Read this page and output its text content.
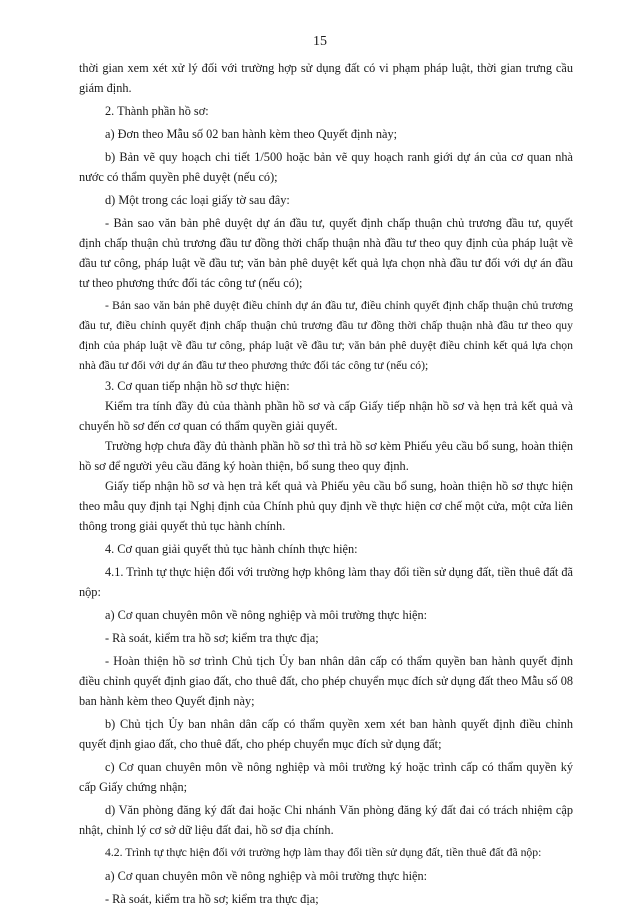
15

thời gian xem xét xử lý đối với trường hợp sử dụng đất có vi phạm pháp luật, thời gian trưng cầu giám định.

2. Thành phần hồ sơ:

a) Đơn theo Mẫu số 02 ban hành kèm theo Quyết định này;

b) Bản vẽ quy hoạch chi tiết 1/500 hoặc bản vẽ quy hoạch ranh giới dự án của cơ quan nhà nước có thẩm quyền phê duyệt (nếu có);

d) Một trong các loại giấy tờ sau đây:

- Bản sao văn bản phê duyệt dự án đầu tư, quyết định chấp thuận chủ trương đầu tư, quyết định chấp thuận chủ trương đầu tư đồng thời chấp thuận nhà đầu tư theo quy định của pháp luật về đầu tư công, pháp luật về đầu tư; văn bản phê duyệt kết quả lựa chọn nhà đầu tư đối với dự án đầu tư theo phương thức đối tác công tư (nếu có);

- Bản sao văn bản phê duyệt điều chỉnh dự án đầu tư, điều chỉnh quyết định chấp thuận chủ trương đầu tư, điều chỉnh quyết định chấp thuận chủ trương đầu tư đồng thời chấp thuận nhà đầu tư theo quy định của pháp luật về đầu tư công, pháp luật về đầu tư; văn bản phê duyệt điều chỉnh kết quả lựa chọn nhà đầu tư đối với dự án đầu tư theo phương thức đối tác công tư (nếu có);

3. Cơ quan tiếp nhận hồ sơ thực hiện:

Kiểm tra tính đầy đủ của thành phần hồ sơ và cấp Giấy tiếp nhận hồ sơ và hẹn trả kết quả và chuyển hồ sơ đến cơ quan có thẩm quyền giải quyết.

Trường hợp chưa đầy đủ thành phần hồ sơ thì trả hồ sơ kèm Phiếu yêu cầu bổ sung, hoàn thiện hồ sơ để người yêu cầu đăng ký hoàn thiện, bổ sung theo quy định.

Giấy tiếp nhận hồ sơ và hẹn trả kết quả và Phiếu yêu cầu bổ sung, hoàn thiện hồ sơ thực hiện theo mẫu quy định tại Nghị định của Chính phủ quy định về thực hiện cơ chế một cửa, một cửa liên thông trong giải quyết thủ tục hành chính.

4. Cơ quan giải quyết thủ tục hành chính thực hiện:

4.1. Trình tự thực hiện đối với trường hợp không làm thay đổi tiền sử dụng đất, tiền thuê đất đã nộp:

a) Cơ quan chuyên môn về nông nghiệp và môi trường thực hiện:

- Rà soát, kiểm tra hồ sơ; kiểm tra thực địa;

- Hoàn thiện hồ sơ trình Chủ tịch Ủy ban nhân dân cấp có thẩm quyền ban hành quyết định điều chỉnh quyết định giao đất, cho thuê đất, cho phép chuyển mục đích sử dụng đất theo Mẫu số 08 ban hành kèm theo Quyết định này;

b) Chủ tịch Ủy ban nhân dân cấp có thẩm quyền xem xét ban hành quyết định điều chỉnh quyết định giao đất, cho thuê đất, cho phép chuyển mục đích sử dụng đất;

c) Cơ quan chuyên môn về nông nghiệp và môi trường ký hoặc trình cấp có thẩm quyền ký cấp Giấy chứng nhận;

d) Văn phòng đăng ký đất đai hoặc Chi nhánh Văn phòng đăng ký đất đai có trách nhiệm cập nhật, chỉnh lý cơ sở dữ liệu đất đai, hồ sơ địa chính.

4.2. Trình tự thực hiện đối với trường hợp làm thay đổi tiền sử dụng đất, tiền thuê đất đã nộp:

a) Cơ quan chuyên môn về nông nghiệp và môi trường thực hiện:

- Rà soát, kiểm tra hồ sơ; kiểm tra thực địa;
